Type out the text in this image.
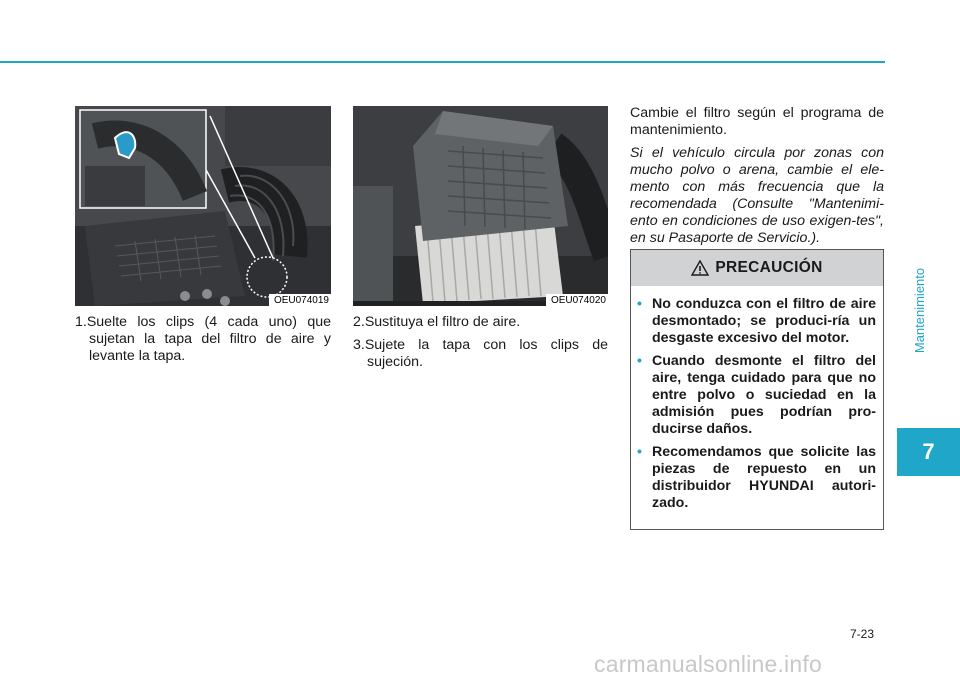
Mantenimiento
7
OEU074019	OEU074020

1.Suelte los clips (4 cada uno) que sujetan la tapa del filtro de aire y levante la tapa.

2.Sustituya el filtro de aire.

3.Sujete la tapa con los clips de sujeción.

Cambie el filtro según el programa de mantenimiento.

Si el vehículo circula por zonas con mucho polvo o arena, cambie el ele-mento con más frecuencia que la recomendada (Consulte "Mantenimi-ento en condiciones de uso exigen-tes", en su Pasaporte de Servicio.).

PRECAUCIÓN
• No conduzca con el filtro de aire desmontado; se produci-ría un desgaste excesivo del motor.
• Cuando desmonte el filtro del aire, tenga cuidado para que no entre polvo o suciedad en la admisión pues podrían pro-ducirse daños.
• Recomendamos que solicite las piezas de repuesto en un distribuidor HYUNDAI autori-zado.
7-23
carmanualsonline.info
